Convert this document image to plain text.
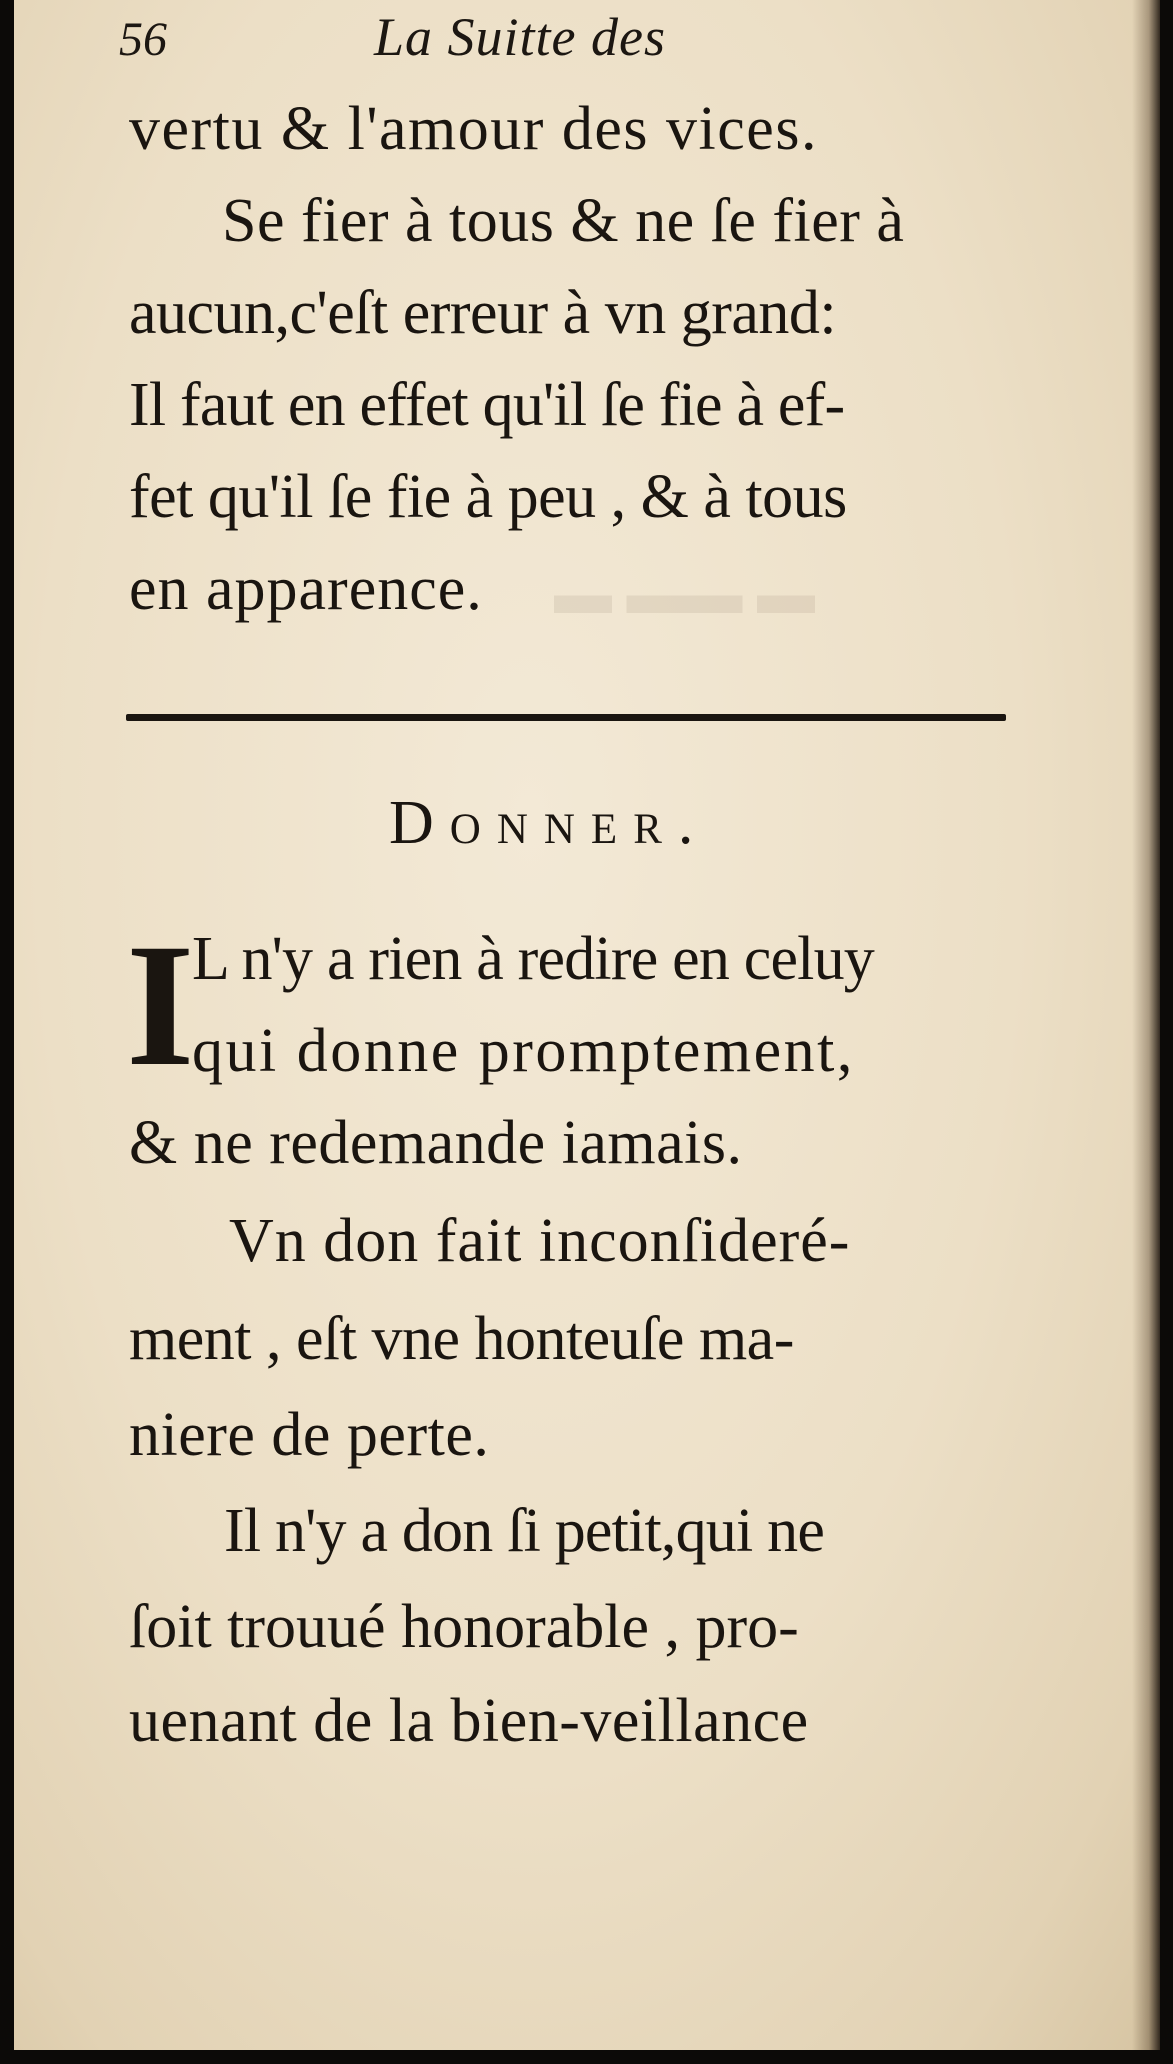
▬ ▬▬ ▬

56	La Suitte des

vertu & l'amour des vices.

Se fier à tous & ne ſe fier à

aucun,c'eſt erreur à vn grand:

Il faut en effet qu'il ſe fie à ef-

fet qu'il ſe fie à peu , & à tous

en apparence.

Donner.

I

L n'y a rien à redire en celuy

qui donne promptement,

& ne redemande iamais.

Vn don fait inconſideré-

ment , eſt vne honteuſe ma-

niere de perte.

Il n'y a don ſi petit,qui ne

ſoit trouué honorable , pro-

uenant de la bien-veillance
